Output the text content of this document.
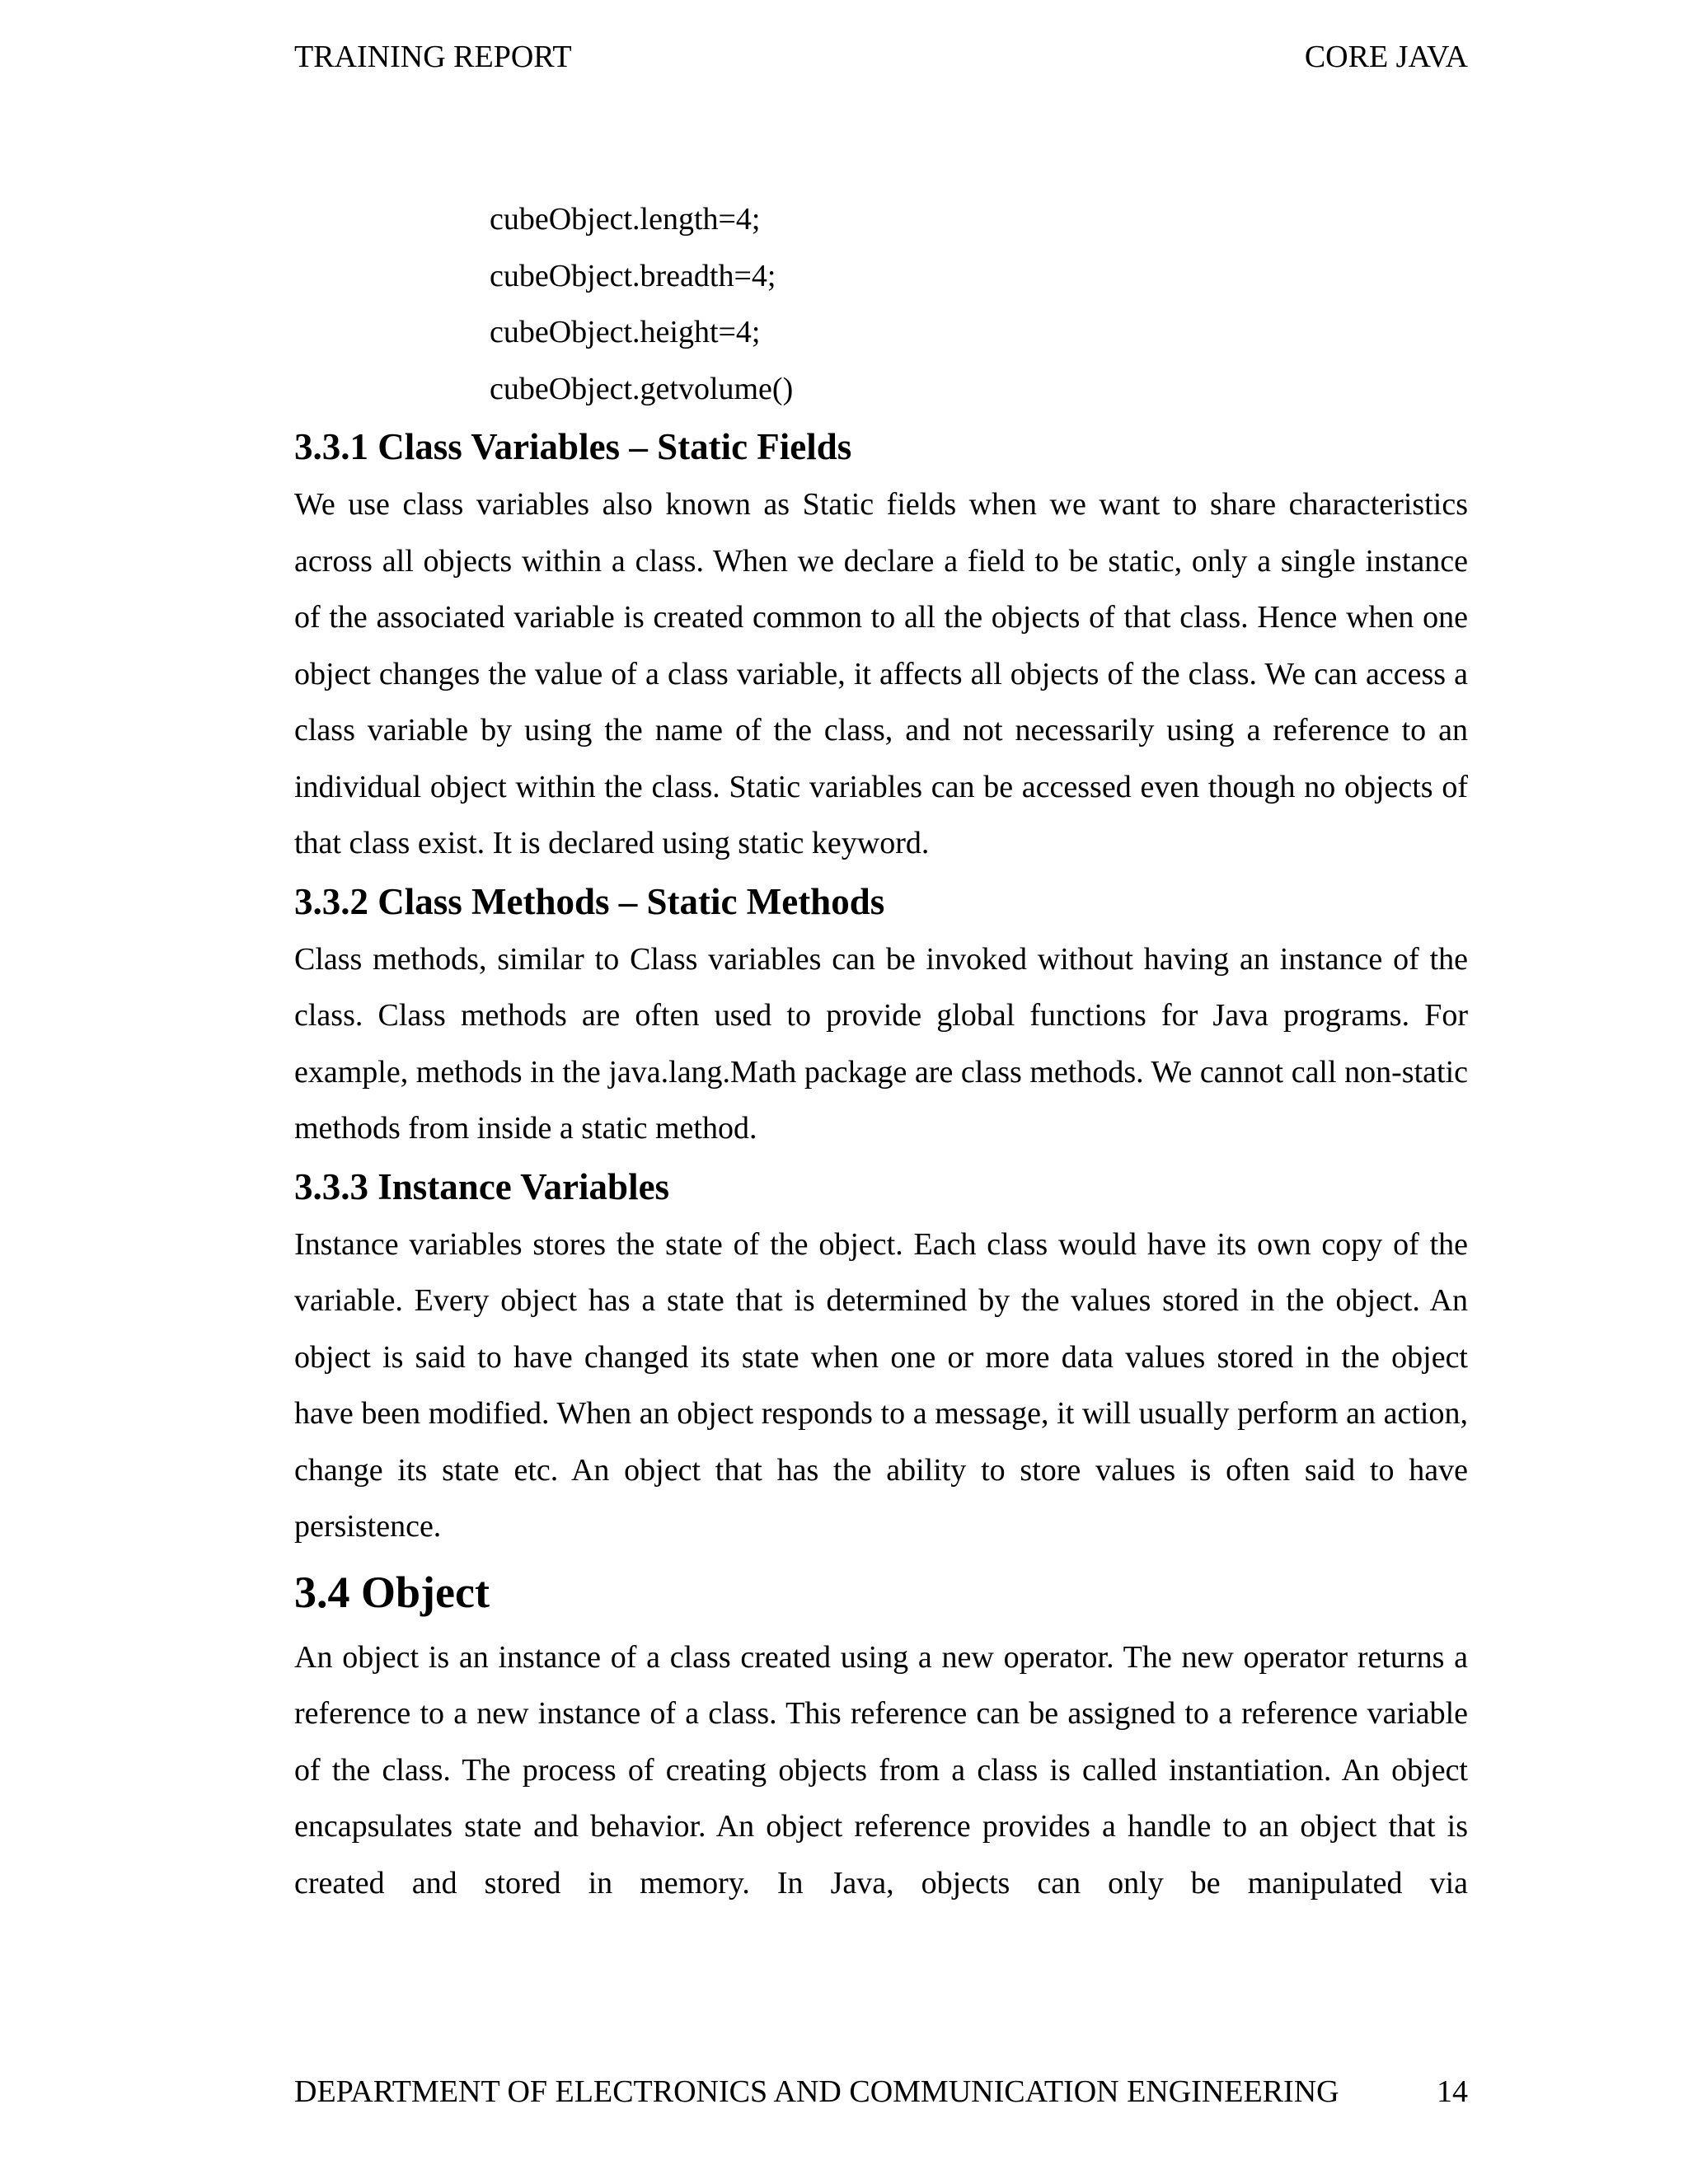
TRAINING REPORT	CORE JAVA
cubeObject.length=4;
cubeObject.breadth=4;
cubeObject.height=4;
cubeObject.getvolume()
3.3.1 Class Variables – Static Fields

We use class variables also known as Static fields when we want to share characteristics across all objects within a class. When we declare a field to be static, only a single instance of the associated variable is created common to all the objects of that class. Hence when one object changes the value of a class variable, it affects all objects of the class. We can access a class variable by using the name of the class, and not necessarily using a reference to an individual object within the class. Static variables can be accessed even though no objects of that class exist. It is declared using static keyword.

3.3.2 Class Methods – Static Methods

Class methods, similar to Class variables can be invoked without having an instance of the class. Class methods are often used to provide global functions for Java programs. For example, methods in the java.lang.Math package are class methods. We cannot call non-static methods from inside a static method.

3.3.3 Instance Variables

Instance variables stores the state of the object. Each class would have its own copy of the variable. Every object has a state that is determined by the values stored in the object. An object is said to have changed its state when one or more data values stored in the object have been modified. When an object responds to a message, it will usually perform an action, change its state etc. An object that has the ability to store values is often said to have persistence.

3.4 Object

An object is an instance of a class created using a new operator. The new operator returns a reference to a new instance of a class. This reference can be assigned to a reference variable of the class. The process of creating objects from a class is called instantiation. An object encapsulates state and behavior. An object reference provides a handle to an object that is created and stored in memory. In Java, objects can only be manipulated via

DEPARTMENT OF ELECTRONICS AND COMMUNICATION ENGINEERING	14
